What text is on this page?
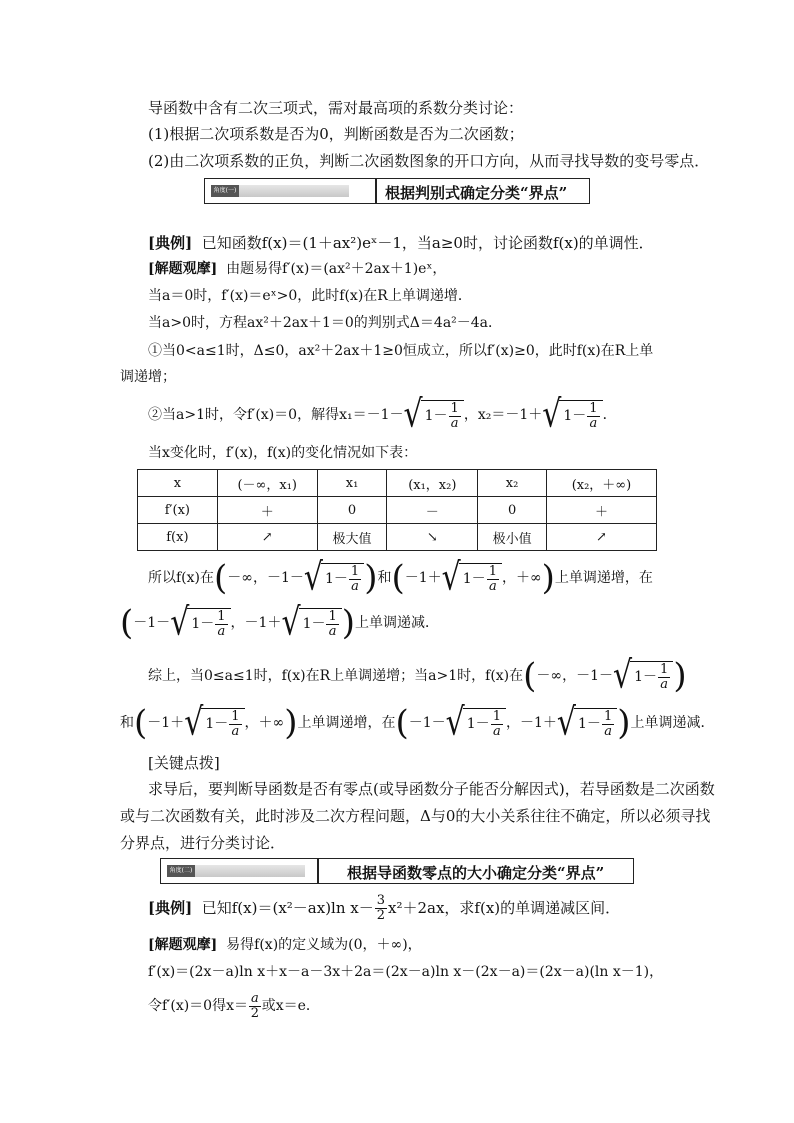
导函数中含有二次三项式，需对最高项的系数分类讨论：
(1)根据二次项系数是否为0，判断函数是否为二次函数；
(2)由二次项系数的正负，判断二次函数图象的开口方向，从而寻找导数的变号零点．
角度(一)	根据判别式确定分类“界点”
[典例] 已知函数f(x)＝(1＋ax²)eˣ－1，当a≥0时，讨论函数f(x)的单调性．
[解题观摩] 由题易得f′(x)＝(ax²＋2ax＋1)eˣ，
当a＝0时，f′(x)＝eˣ>0，此时f(x)在R上单调递增．
当a>0时，方程ax²＋2ax＋1＝0的判别式Δ＝4a²－4a．
①当0<a≤1时，Δ≤0，ax²＋2ax＋1≥0恒成立，所以f′(x)≥0，此时f(x)在R上单
调递增；
②当a>1时，令f′(x)＝0，解得x₁＝－1－ √ $1- \frac{1}{a}$ ，x₂＝－1＋ √ $1- \frac{1}{a}$ ．
当x变化时，f′(x)，f(x)的变化情况如下表：
x	(－∞，x₁)	x₁	(x₁，x₂)	x₂	(x₂，＋∞)
f′(x)	＋	0	－	0	＋
f(x)	↗	极大值	↘	极小值	↗
所以f(x)在 ( －∞，－1－ √ $1- \frac{1}{a}$ ) 和 ( －1＋ √ $1- \frac{1}{a}$ ，＋∞ ) 上单调递增，在
( －1－ √ $1- \frac{1}{a}$ ，－1＋ √ $1- \frac{1}{a}$ ) 上单调递减．
综上，当0≤a≤1时，f(x)在R上单调递增；当a>1时，f(x)在 ( －∞，－1－ √ $1- \frac{1}{a}$ )
和 ( －1＋ √ $1- \frac{1}{a}$ ，＋∞ ) 上单调递增，在 ( －1－ √ $1- \frac{1}{a}$ ，－1＋ √ $1- \frac{1}{a}$ ) 上单调递减．
[关键点拨]
求导后，要判断导函数是否有零点(或导函数分子能否分解因式)，若导函数是二次函数
或与二次函数有关，此时涉及二次方程问题，Δ与0的大小关系往往不确定，所以必须寻找
分界点，进行分类讨论．
角度(二)	根据导函数零点的大小确定分类“界点”
[典例]
已知f(x)＝(x²－ax)ln $x- \frac{3}{2} x^2+2ax$，求f(x)的单调递减区间．
[解题观摩] 易得f(x)的定义域为(0，＋∞)，
f′(x)＝(2x－a)ln x＋x－a－3x＋2a＝(2x－a)ln x－(2x－a)＝(2x－a)(ln x－1)，
令f′(x)＝0得$x= \frac{a}{2}$ 或x＝e．
